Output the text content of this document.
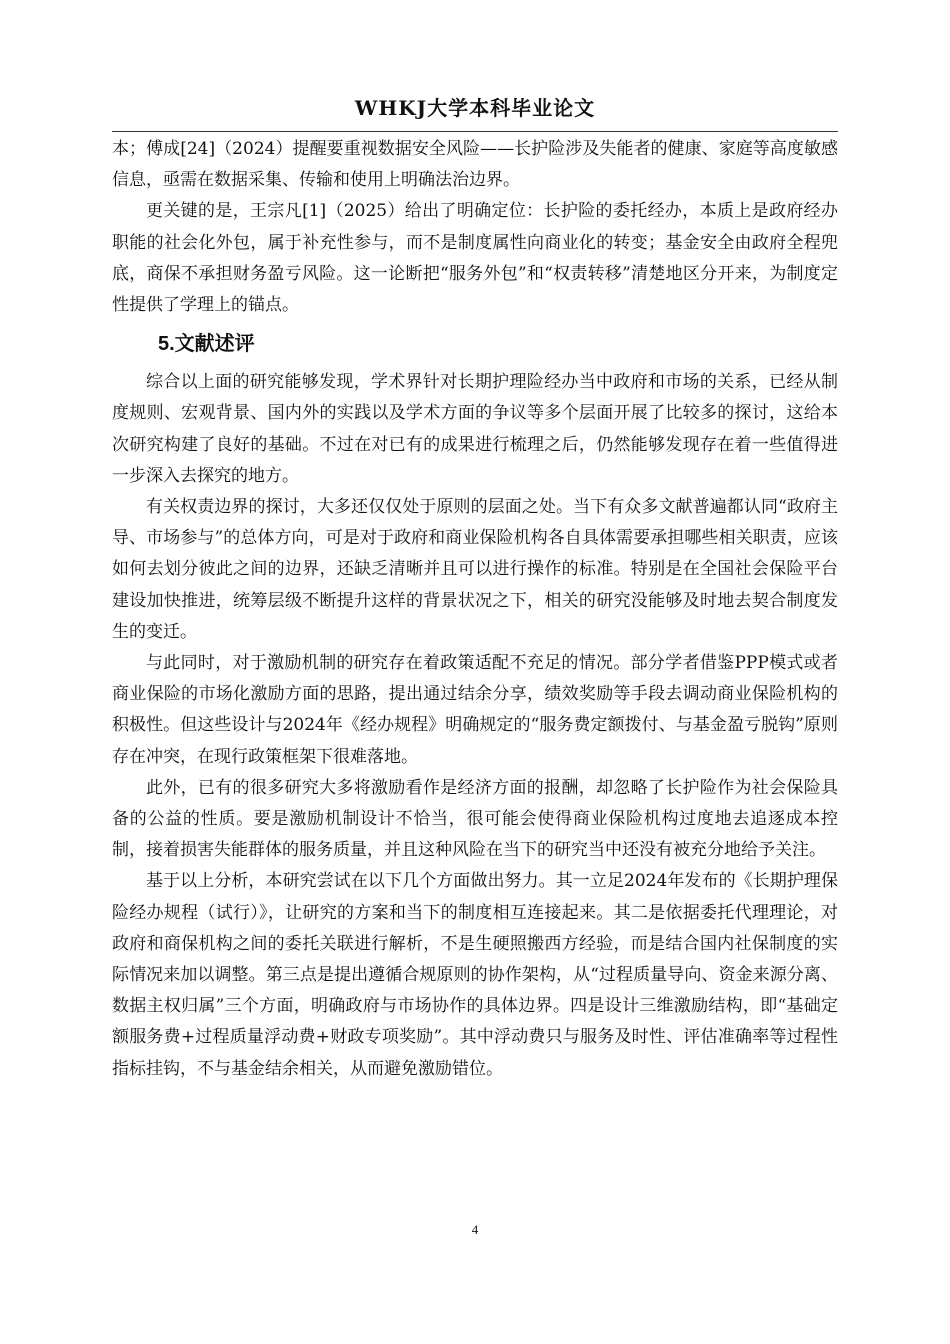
WHKJ大学本科毕业论文

本；傅成[24]（2024）提醒要重视数据安全风险——长护险涉及失能者的健康、家庭等高度敏感信息，亟需在数据采集、传输和使用上明确法治边界。

更关键的是，王宗凡[1]（2025）给出了明确定位：长护险的委托经办，本质上是政府经办职能的社会化外包，属于补充性参与，而不是制度属性向商业化的转变；基金安全由政府全程兜底，商保不承担财务盈亏风险。这一论断把“服务外包”和“权责转移”清楚地区分开来，为制度定性提供了学理上的锚点。

5.文献述评

综合以上面的研究能够发现，学术界针对长期护理险经办当中政府和市场的关系，已经从制度规则、宏观背景、国内外的实践以及学术方面的争议等多个层面开展了比较多的探讨，这给本次研究构建了良好的基础。不过在对已有的成果进行梳理之后，仍然能够发现存在着一些值得进一步深入去探究的地方。

有关权责边界的探讨，大多还仅仅处于原则的层面之处。当下有众多文献普遍都认同“政府主导、市场参与”的总体方向，可是对于政府和商业保险机构各自具体需要承担哪些相关职责，应该如何去划分彼此之间的边界，还缺乏清晰并且可以进行操作的标准。特别是在全国社会保险平台建设加快推进，统筹层级不断提升这样的背景状况之下，相关的研究没能够及时地去契合制度发生的变迁。

与此同时，对于激励机制的研究存在着政策适配不充足的情况。部分学者借鉴PPP模式或者商业保险的市场化激励方面的思路，提出通过结余分享，绩效奖励等手段去调动商业保险机构的积极性。但这些设计与2024年《经办规程》明确规定的“服务费定额拨付、与基金盈亏脱钩”原则存在冲突，在现行政策框架下很难落地。

此外，已有的很多研究大多将激励看作是经济方面的报酬，却忽略了长护险作为社会保险具备的公益的性质。要是激励机制设计不恰当，很可能会使得商业保险机构过度地去追逐成本控制，接着损害失能群体的服务质量，并且这种风险在当下的研究当中还没有被充分地给予关注。

基于以上分析，本研究尝试在以下几个方面做出努力。其一立足2024年发布的《长期护理保险经办规程（试行）》，让研究的方案和当下的制度相互连接起来。其二是依据委托代理理论，对政府和商保机构之间的委托关联进行解析，不是生硬照搬西方经验，而是结合国内社保制度的实际情况来加以调整。第三点是提出遵循合规原则的协作架构，从“过程质量导向、资金来源分离、数据主权归属”三个方面，明确政府与市场协作的具体边界。四是设计三维激励结构，即“基础定额服务费+过程质量浮动费+财政专项奖励”。其中浮动费只与服务及时性、评估准确率等过程性指标挂钩，不与基金结余相关，从而避免激励错位。

4
